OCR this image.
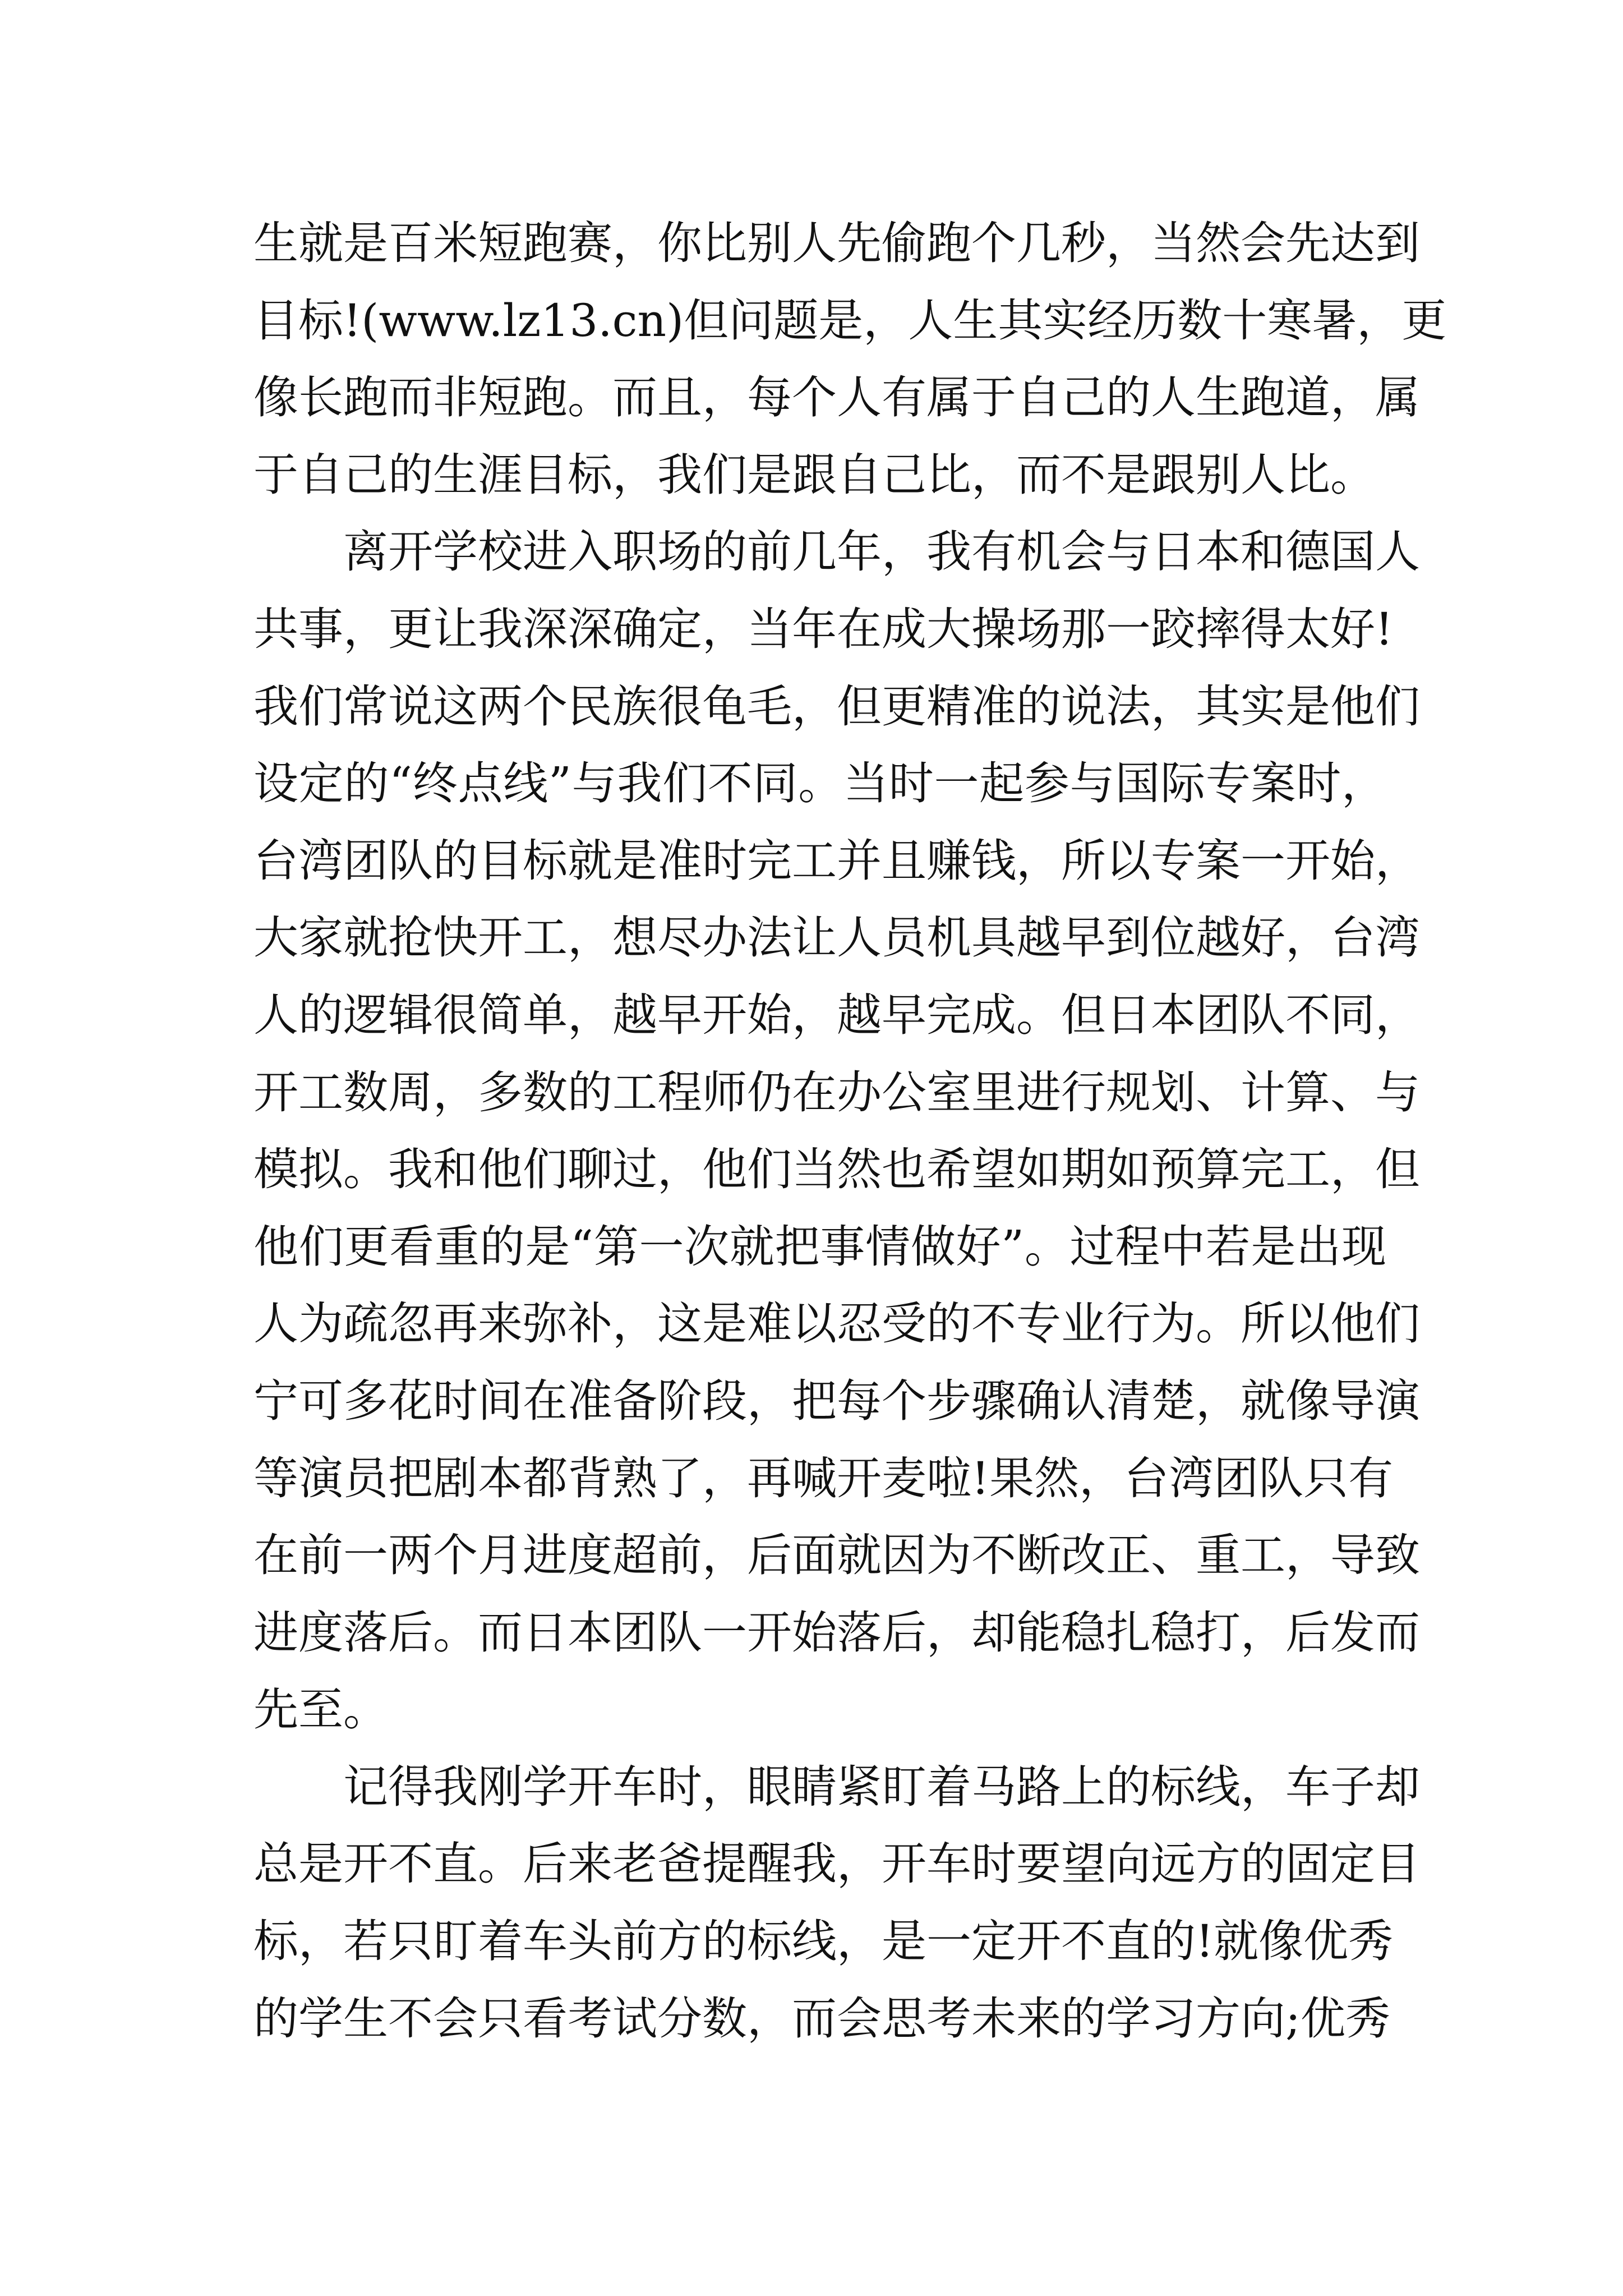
生就是百米短跑赛，你比别人先偷跑个几秒，当然会先达到
目标!(www.lz13.cn)但问题是，人生其实经历数十寒暑，更
像长跑而非短跑。而且，每个人有属于自己的人生跑道，属
于自己的生涯目标，我们是跟自己比，而不是跟别人比。
离开学校进入职场的前几年，我有机会与日本和德国人
共事，更让我深深确定，当年在成大操场那一跤摔得太好!
我们常说这两个民族很龟毛，但更精准的说法，其实是他们
设定的“终点线”与我们不同。当时一起参与国际专案时，
台湾团队的目标就是准时完工并且赚钱，所以专案一开始，
大家就抢快开工，想尽办法让人员机具越早到位越好，台湾
人的逻辑很简单，越早开始，越早完成。但日本团队不同，
开工数周，多数的工程师仍在办公室里进行规划、计算、与
模拟。我和他们聊过，他们当然也希望如期如预算完工，但
他们更看重的是“第一次就把事情做好”。过程中若是出现
人为疏忽再来弥补，这是难以忍受的不专业行为。所以他们
宁可多花时间在准备阶段，把每个步骤确认清楚，就像导演
等演员把剧本都背熟了，再喊开麦啦!果然，台湾团队只有
在前一两个月进度超前，后面就因为不断改正、重工，导致
进度落后。而日本团队一开始落后，却能稳扎稳打，后发而
先至。
记得我刚学开车时，眼睛紧盯着马路上的标线，车子却
总是开不直。后来老爸提醒我，开车时要望向远方的固定目
标，若只盯着车头前方的标线，是一定开不直的!就像优秀
的学生不会只看考试分数，而会思考未来的学习方向;优秀
